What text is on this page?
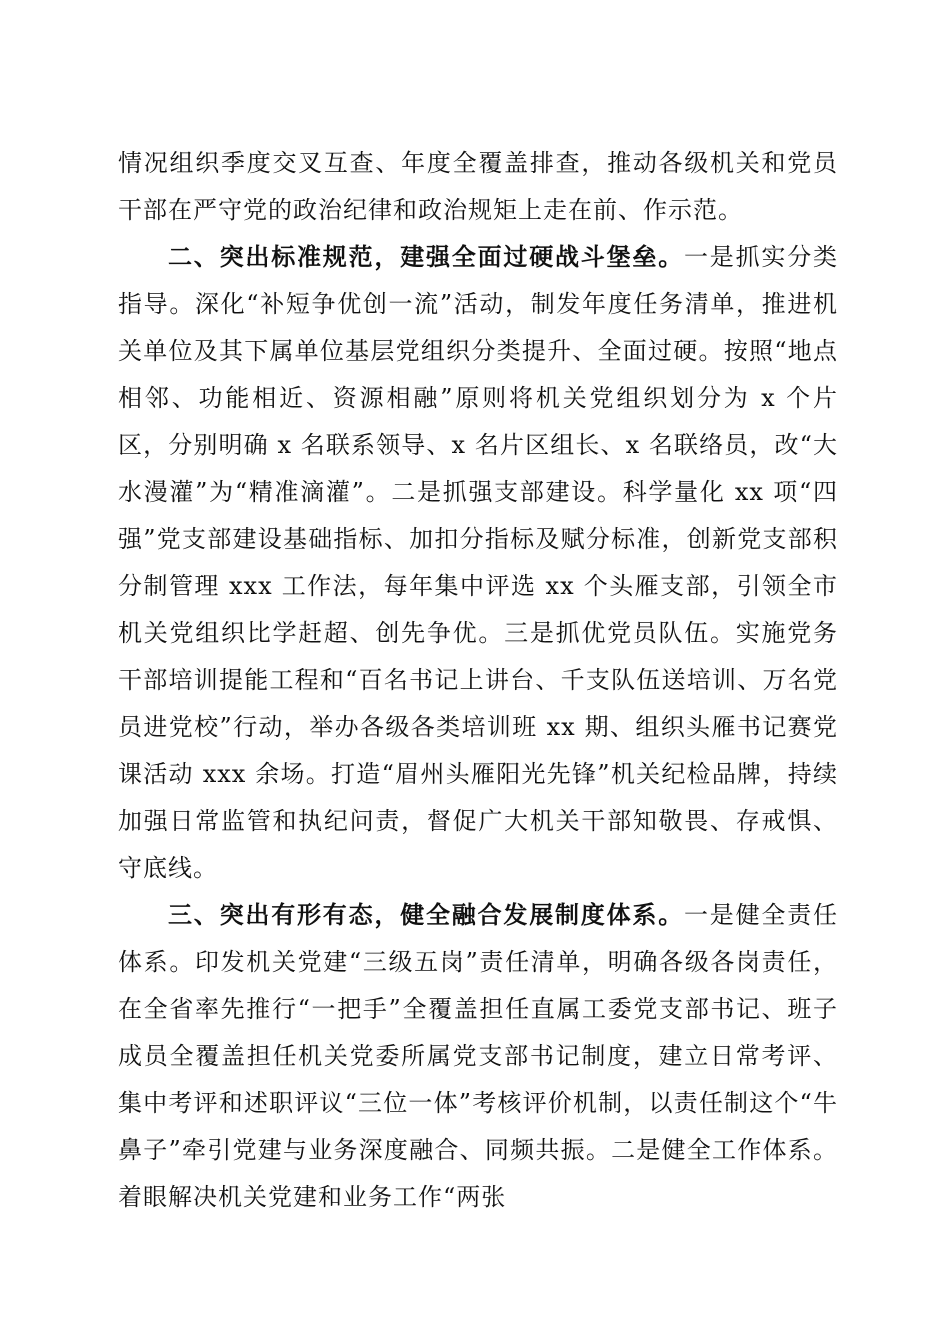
情况组织季度交叉互查、年度全覆盖排查，推动各级机关和党员干部在严守党的政治纪律和政治规矩上走在前、作示范。

二、突出标准规范，建强全面过硬战斗堡垒。一是抓实分类指导。深化“补短争优创一流”活动，制发年度任务清单，推进机关单位及其下属单位基层党组织分类提升、全面过硬。按照“地点相邻、功能相近、资源相融”原则将机关党组织划分为 x 个片区，分别明确 x 名联系领导、x 名片区组长、x 名联络员，改“大水漫灌”为“精准滴灌”。二是抓强支部建设。科学量化 xx 项“四强”党支部建设基础指标、加扣分指标及赋分标准，创新党支部积分制管理 xxx 工作法，每年集中评选 xx 个头雁支部，引领全市机关党组织比学赶超、创先争优。三是抓优党员队伍。实施党务干部培训提能工程和“百名书记上讲台、千支队伍送培训、万名党员进党校”行动，举办各级各类培训班 xx 期、组织头雁书记赛党课活动 xxx 余场。打造“眉州头雁阳光先锋”机关纪检品牌，持续加强日常监管和执纪问责，督促广大机关干部知敬畏、存戒惧、守底线。

三、突出有形有态，健全融合发展制度体系。一是健全责任体系。印发机关党建“三级五岗”责任清单，明确各级各岗责任，在全省率先推行“一把手”全覆盖担任直属工委党支部书记、班子成员全覆盖担任机关党委所属党支部书记制度，建立日常考评、集中考评和述职评议“三位一体”考核评价机制，以责任制这个“牛鼻子”牵引党建与业务深度融合、同频共振。二是健全工作体系。着眼解决机关党建和业务工作“两张
